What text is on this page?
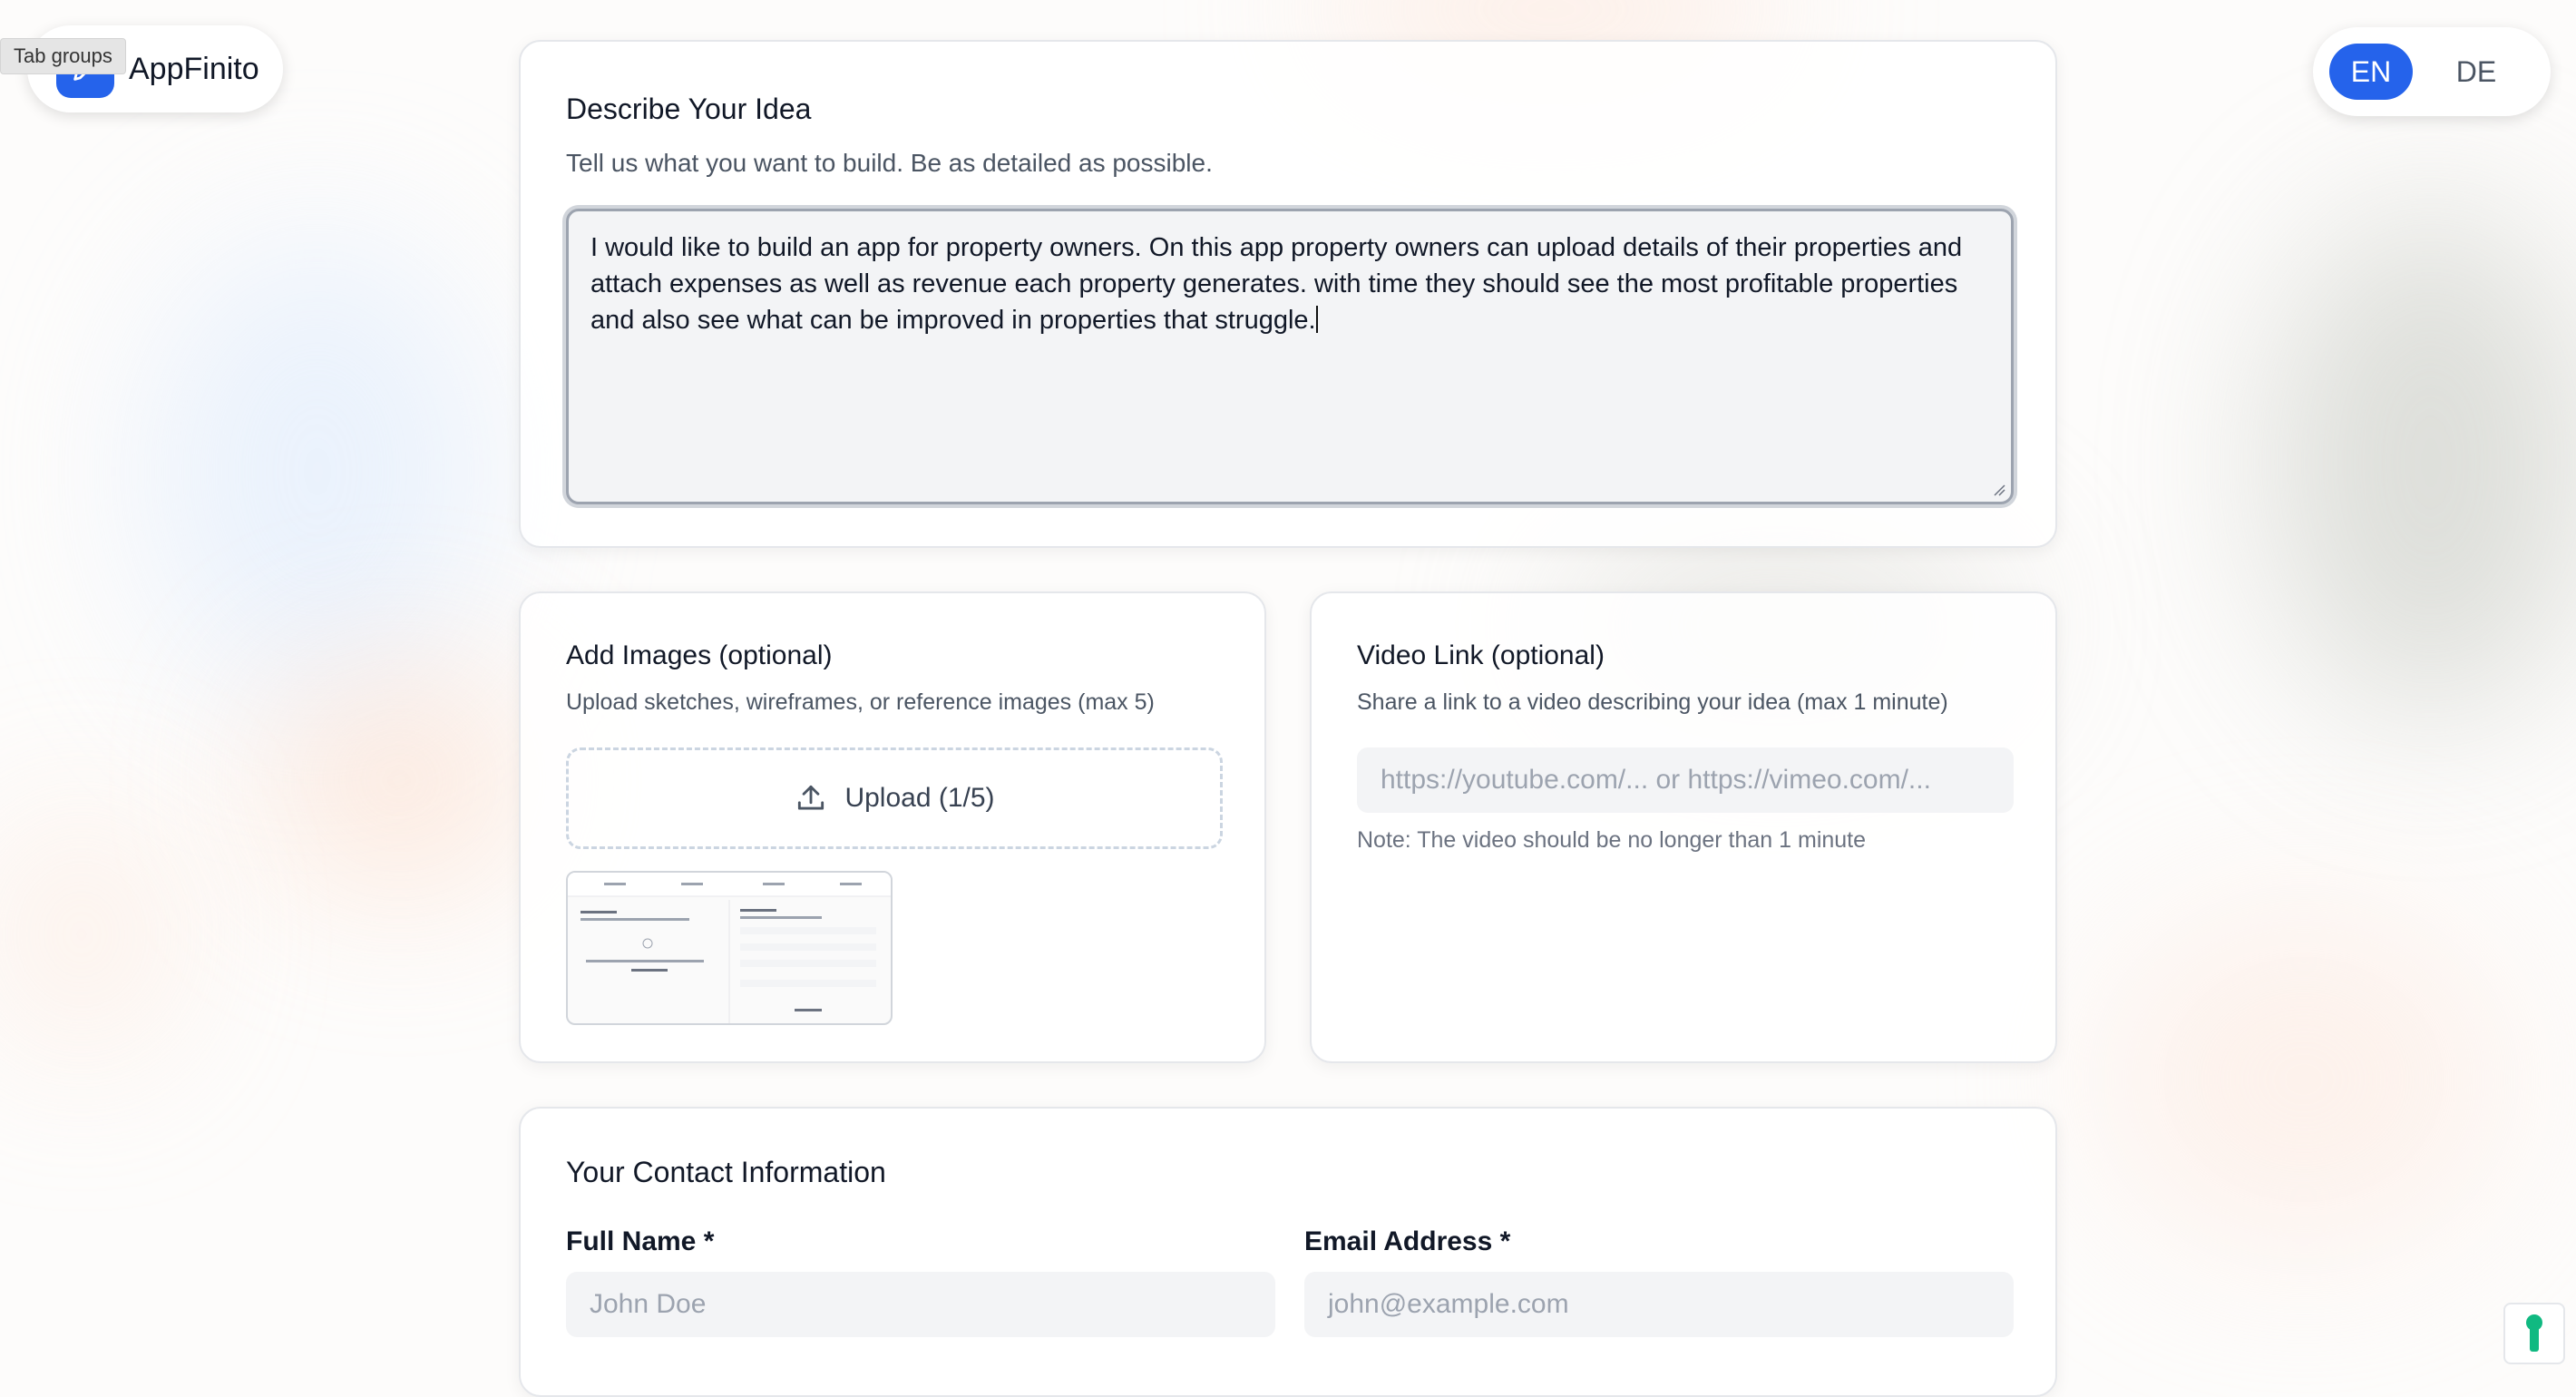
AppFinito
Tab groups	EN	DE
Describe Your Idea
Tell us what you want to build. Be as detailed as possible.
I would like to build an app for property owners. On this app property owners can upload details of their properties and attach expenses as well as revenue each property generates. with time they should see the most profitable properties and also see what can be improved in properties that struggle.
Add Images (optional)
Upload sketches, wireframes, or reference images (max 5)
Upload (1/5)
Video Link (optional)
Share a link to a video describing your idea (max 1 minute)
https://youtube.com/... or https://vimeo.com/...
Note: The video should be no longer than 1 minute
Your Contact Information
Full Name *
John Doe
Email Address *
john@example.com
